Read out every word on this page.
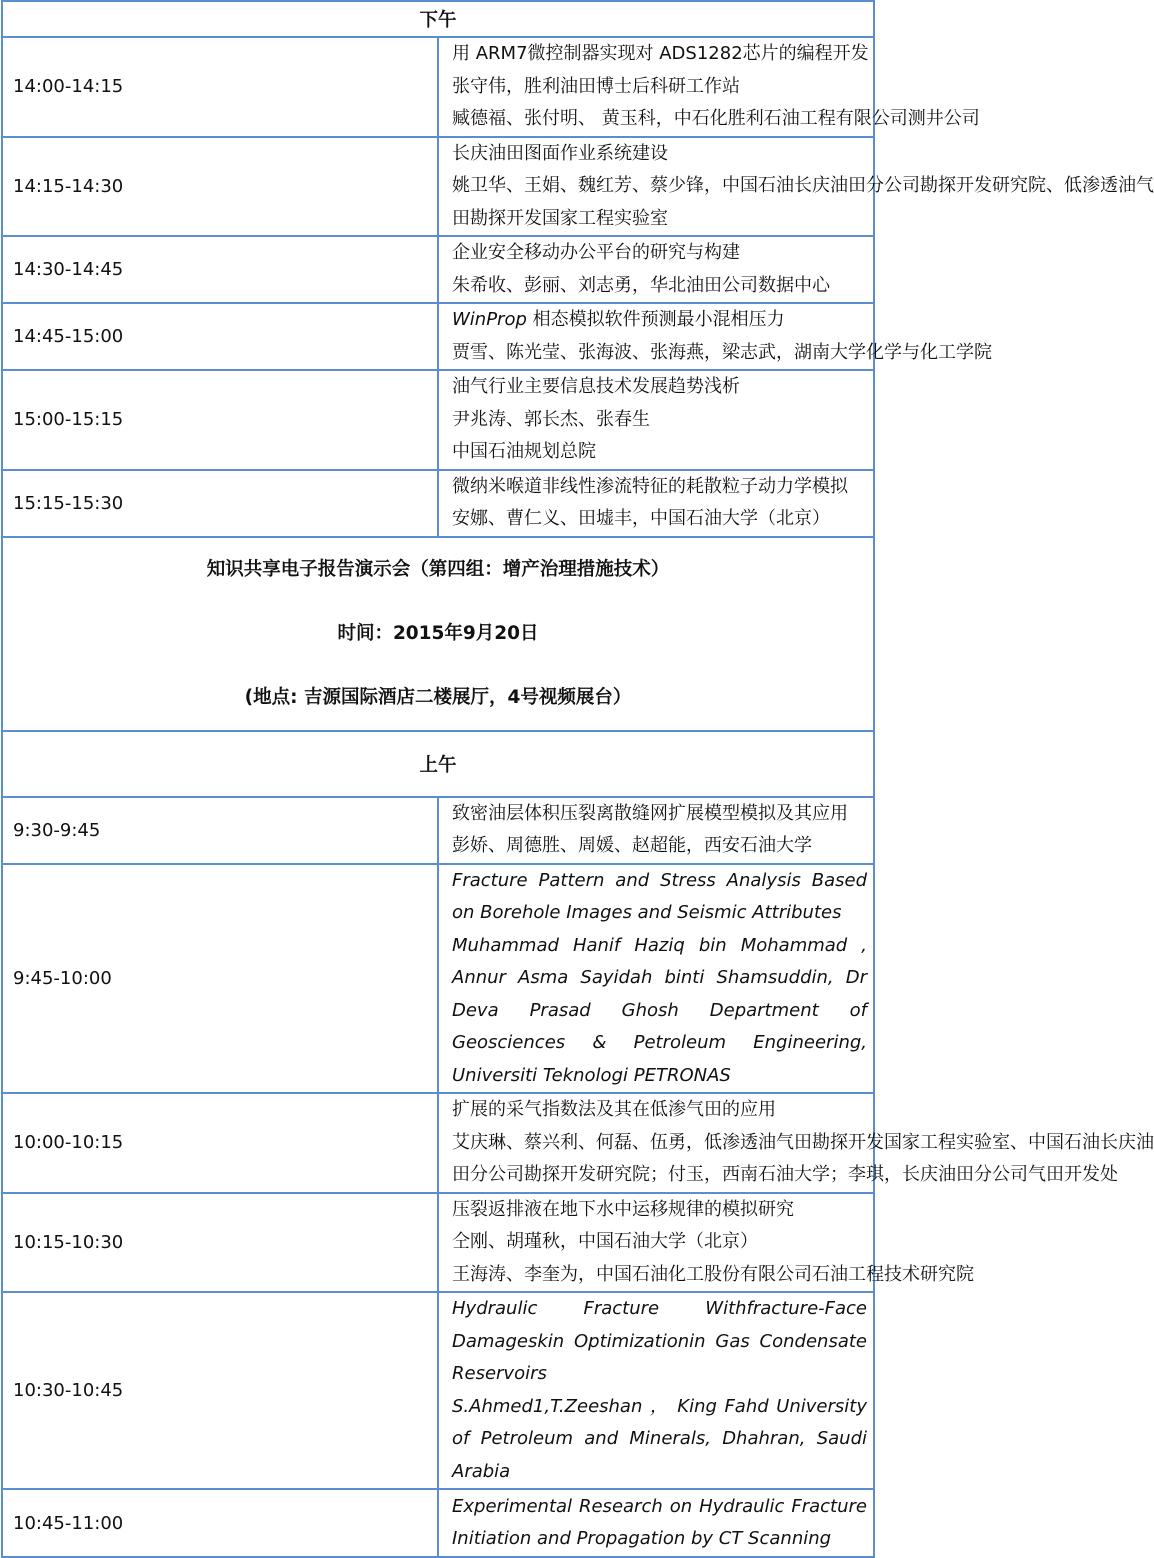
下午	
14:00-14:15	用 ARM7微控制器实现对 ADS1282芯片的编程开发
张守伟，胜利油田博士后科研工作站
臧德福、张付明、 黄玉科，中石化胜利石油工程有限公司测井公司

14:15-14:30	长庆油田图面作业系统建设
姚卫华、王娟、魏红芳、蔡少锋，中国石油长庆油田分公司勘探开发研究院、低渗透油气
田勘探开发国家工程实验室

14:30-14:45	企业安全移动办公平台的研究与构建
朱希收、彭丽、刘志勇，华北油田公司数据中心

14:45-15:00	WinProp 相态模拟软件预测最小混相压力
贾雪、陈光莹、张海波、张海燕，梁志武，湖南大学化学与化工学院

15:00-15:15	油气行业主要信息技术发展趋势浅析
尹兆涛、郭长杰、张春生
中国石油规划总院

15:15-15:30	微纳米喉道非线性渗流特征的耗散粒子动力学模拟
安娜、曹仁义、田墟丰，中国石油大学（北京）

知识共享电子报告演示会（第四组：增产治理措施技术）
时间：2015年9月20日
(地点: 吉源国际酒店二楼展厅，4号视频展台）	

上午	
9:30-9:45	致密油层体积压裂离散缝网扩展模型模拟及其应用
彭娇、周德胜、周媛、赵超能，西安石油大学

9:45-10:00	Fracture Pattern and Stress Analysis Based on Borehole Images and Seismic Attributes
Muhammad Hanif Haziq bin Mohammad , Annur Asma Sayidah binti Shamsuddin, Dr Deva Prasad Ghosh Department of Geosciences & Petroleum Engineering, Universiti Teknologi PETRONAS

10:00-10:15	扩展的采气指数法及其在低渗气田的应用
艾庆琳、蔡兴利、何磊、伍勇，低渗透油气田勘探开发国家工程实验室、中国石油长庆油
田分公司勘探开发研究院；付玉，西南石油大学；李琪，长庆油田分公司气田开发处

10:15-10:30	压裂返排液在地下水中运移规律的模拟研究
仝刚、胡瑾秋，中国石油大学（北京）
王海涛、李奎为，中国石油化工股份有限公司石油工程技术研究院

10:30-10:45	Hydraulic Fracture Withfracture-Face Damageskin Optimizationin Gas Condensate Reservoirs
S.Ahmed1,T.Zeeshan ， King Fahd University of Petroleum and Minerals, Dhahran, Saudi Arabia

10:45-11:00	Experimental Research on Hydraulic Fracture Initiation and Propagation by CT Scanning
